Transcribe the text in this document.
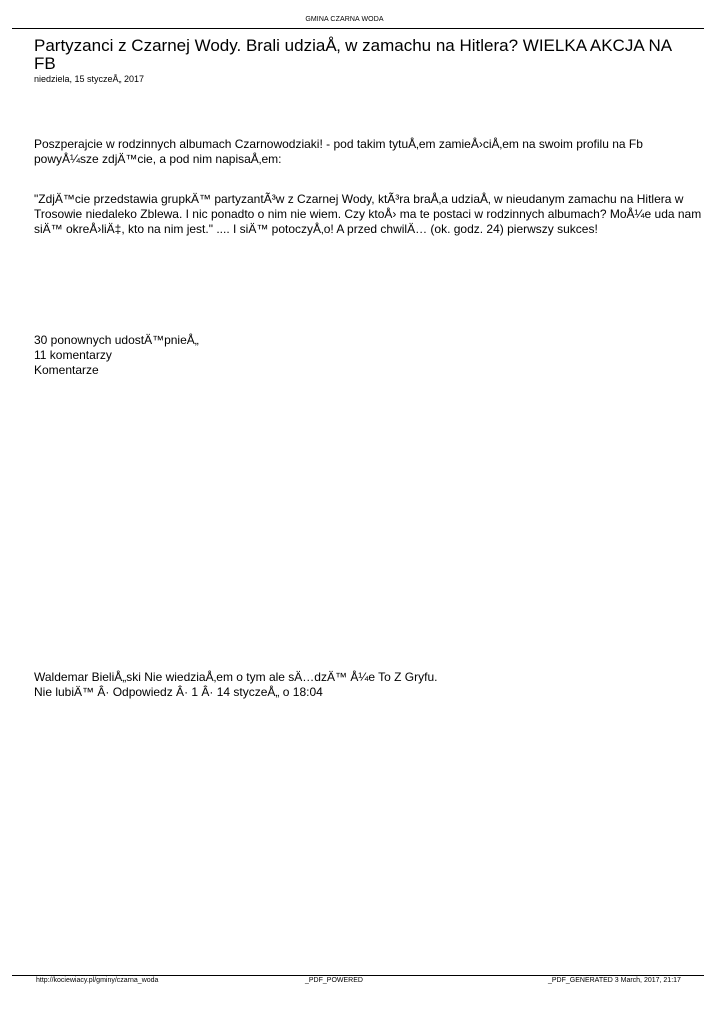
GMINA CZARNA WODA
Partyzanci z Czarnej Wody. Brali udziaÅ‚ w zamachu na Hitlera? WIELKA AKCJA NA FB
niedziela, 15 styczeÅ„ 2017

Poszperajcie w rodzinnych albumach Czarnowodziaki! - pod takim tytuÅ‚em zamieÅ›ciÅ‚em na swoim profilu na Fb powyÅ¼sze zdjÄ™cie, a pod nim napisaÅ‚em:

"ZdjÄ™cie przedstawia grupkÄ™ partyzantÃ³w z Czarnej Wody, ktÃ³ra braÅ‚a udziaÅ‚ w nieudanym zamachu na Hitlera w Trosowie niedaleko Zblewa. I nic ponadto o nim nie wiem. Czy ktoÅ› ma te postaci w rodzinnych albumach? MoÅ¼e uda nam siÄ™ okreÅ›liÄ‡, kto na nim jest." .... I siÄ™ potoczyÅ‚o! A przed chwilÄ… (ok. godz. 24) pierwszy sukces!

30 ponownych udostÄ™pnieÅ„
11 komentarzy
Komentarze
Waldemar BieliÅ„ski Nie wiedziaÅ‚em o tym ale sÄ…dzÄ™ Å¼e To Z Gryfu.
Nie lubiÄ™ Â· Odpowiedz Â· 1 Â· 14 styczeÅ„ o 18:04
http://kociewiacy.pl/gminy/czarna_woda	_PDF_POWERED	_PDF_GENERATED 3 March, 2017, 21:17
